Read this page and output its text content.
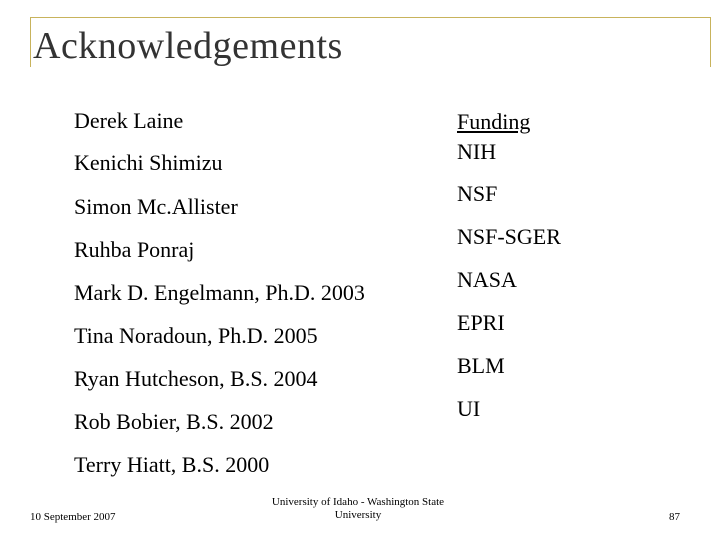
Acknowledgements
Derek Laine
Kenichi Shimizu
Simon Mc.Allister
Ruhba Ponraj
Mark D. Engelmann, Ph.D. 2003
Tina Noradoun, Ph.D. 2005
Ryan Hutcheson, B.S. 2004
Rob Bobier, B.S. 2002
Terry Hiatt, B.S. 2000
Funding
NIH
NSF
NSF-SGER
NASA
EPRI
BLM
UI
10 September 2007
University of Idaho - Washington State
University	87
